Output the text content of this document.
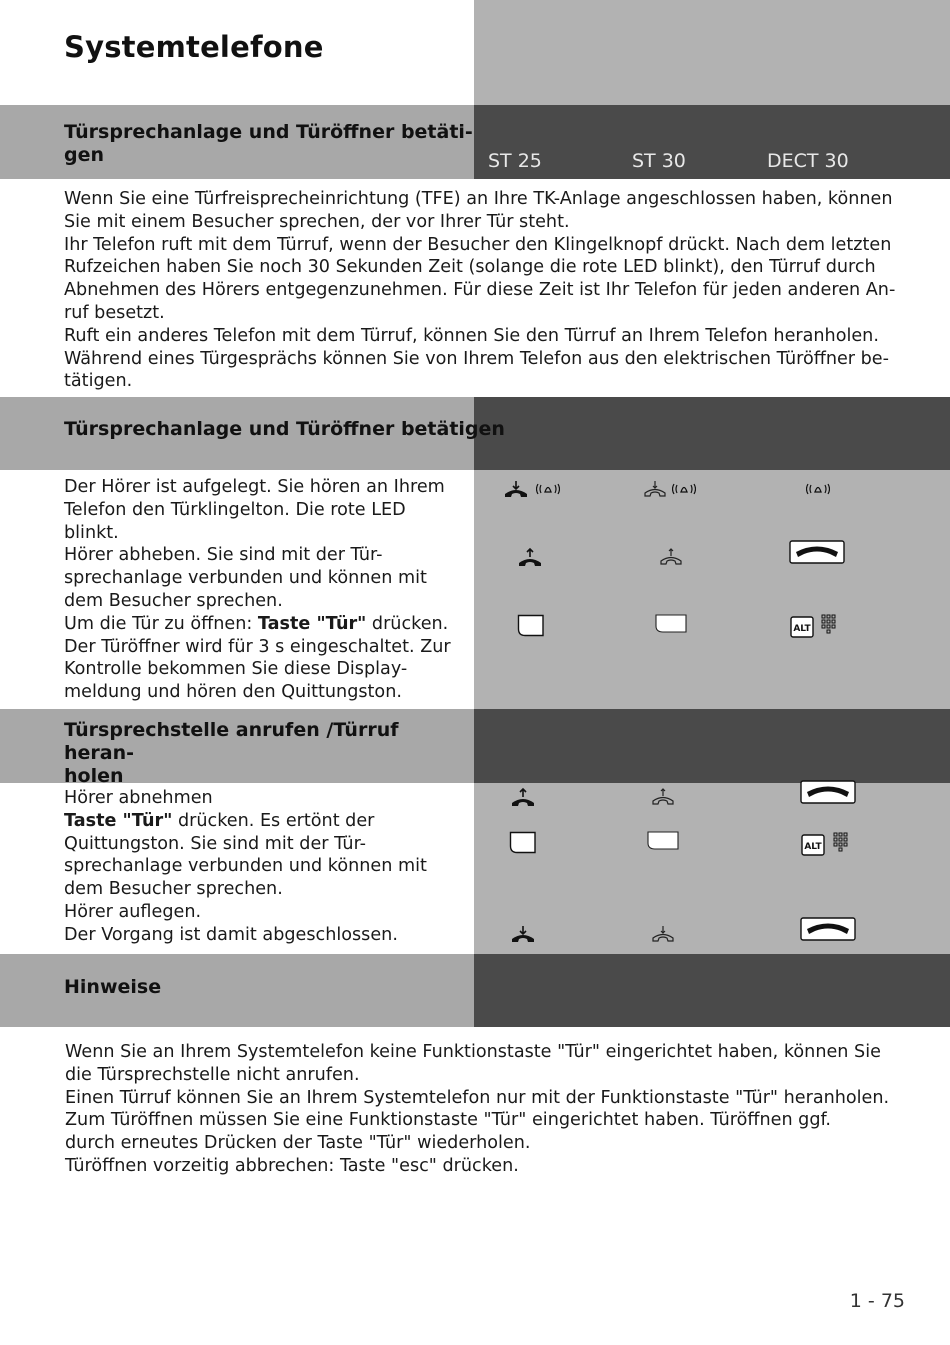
Systemtelefone
Türsprechanlage und Türöffner betäti-
gen	ST 25	ST 30	DECT 30

Wenn Sie eine Türfreisprecheinrichtung (TFE) an Ihre TK-Anlage angeschlossen haben, können

Sie mit einem Besucher sprechen, der vor Ihrer Tür steht.

Ihr Telefon ruft mit dem Türruf, wenn der Besucher den Klingelknopf drückt. Nach dem letzten

Rufzeichen haben Sie noch 30 Sekunden Zeit (solange die rote LED blinkt), den Türruf durch

Abnehmen des Hörers entgegenzunehmen. Für diese Zeit ist Ihr Telefon für jeden anderen An-

ruf besetzt.

Ruft ein anderes Telefon mit dem Türruf, können Sie den Türruf an Ihrem Telefon heranholen.

Während eines Türgesprächs können Sie von Ihrem Telefon aus den elektrischen Türöffner be-

tätigen.

Türsprechanlage und Türöffner betätigen

Der Hörer ist aufgelegt. Sie hören an Ihrem

Telefon den Türklingelton. Die rote LED

blinkt.

Hörer abheben. Sie sind mit der Tür-

sprechanlage verbunden und können mit

dem Besucher sprechen.

Um die Tür zu öffnen: Taste "Tür" drücken.

Der Türöffner wird für 3 s eingeschaltet. Zur

Kontrolle bekommen Sie diese Display-

meldung und hören den Quittungston.

ALT
Türsprechstelle anrufen /Türruf heran-
holen

Hörer abnehmen

Taste "Tür" drücken. Es ertönt der

Quittungston. Sie sind mit der Tür-

sprechanlage verbunden und können mit

dem Besucher sprechen.

Hörer auflegen.

Der Vorgang ist damit abgeschlossen.

ALT
Hinweise

Wenn Sie an Ihrem Systemtelefon keine Funktionstaste "Tür" eingerichtet haben, können Sie

die Türsprechstelle nicht anrufen.

Einen Türruf können Sie an Ihrem Systemtelefon nur mit der Funktionstaste "Tür" heranholen.

Zum Türöffnen müssen Sie eine Funktionstaste "Tür" eingerichtet haben. Türöffnen ggf.

durch erneutes Drücken der Taste "Tür" wiederholen.

Türöffnen vorzeitig abbrechen: Taste "esc" drücken.

1 - 75
